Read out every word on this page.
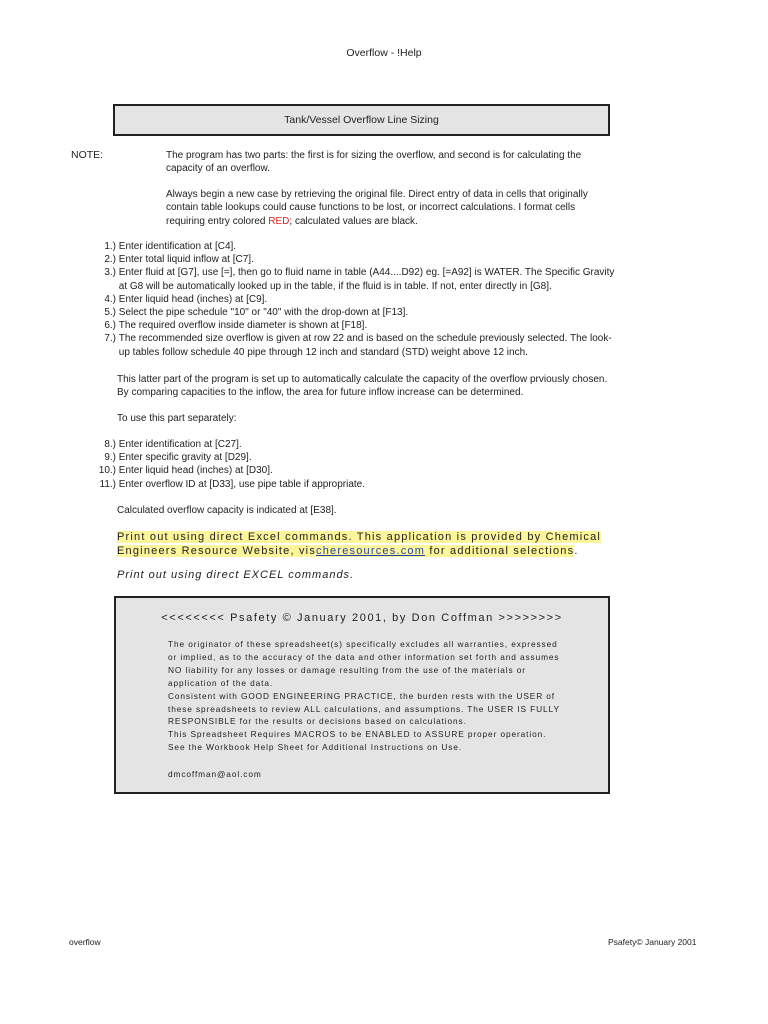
Overflow - !Help
Tank/Vessel Overflow Line Sizing
NOTE:	The program has two parts: the first is for sizing the overflow, and second is for calculating the capacity of an overflow.
Always begin a new case by retrieving the original file. Direct entry of data in cells that originally contain table lookups could cause functions to be lost, or incorrect calculations. I format cells requiring entry colored RED; calculated values are black.
1.)
Enter identification at [C4].
2.)
Enter total liquid inflow at [C7].
3.)
Enter fluid at [G7], use [=], then go to fluid name in table (A44....D92) eg. [=A92] is WATER. The Specific Gravity at G8 will be automatically looked up in the table, if the fluid is in table. If not, enter directly in [G8].
4.)
Enter liquid head (inches) at [C9].
5.)
Select the pipe schedule "10" or "40" with the drop-down at [F13].
6.)
The required overflow inside diameter is shown at [F18].
7.)
The recommended size overflow is given at row 22 and is based on the schedule previously selected. The look-up tables follow schedule 40 pipe through 12 inch and standard (STD) weight above 12 inch.
This latter part of the program is set up to automatically calculate the capacity of the overflow prviously chosen. By comparing capacities to the inflow, the area for future inflow increase can be determined.
To use this part separately:
8.)
Enter identification at [C27].
9.)
Enter specific gravity at [D29].
10.)
Enter liquid head (inches) at [D30].
11.)
Enter overflow ID at [D33], use pipe table if appropriate.
Calculated overflow capacity is indicated at [E38].
Print out using direct Excel commands. This application is provided by Chemical Engineers Resource Website, vischeresources.com for additional selections.
Print out using direct EXCEL commands.
<<<<<<<< Psafety © January 2001, by Don Coffman >>>>>>>>
The originator of these spreadsheet(s) specifically excludes all warranties, expressed or implied, as to the accuracy of the data and other information set forth and assumes NO liability for any losses or damage resulting from the use of the materials or application of the data.
Consistent with GOOD ENGINEERING PRACTICE, the burden rests with the USER of these spreadsheets to review ALL calculations, and assumptions. The USER IS FULLY RESPONSIBLE for the results or decisions based on calculations.
This Spreadsheet Requires MACROS to be ENABLED to ASSURE proper operation.
See the Workbook Help Sheet for Additional Instructions on Use.
dmcoffman@aol.com
overflow	Psafety© January 2001
